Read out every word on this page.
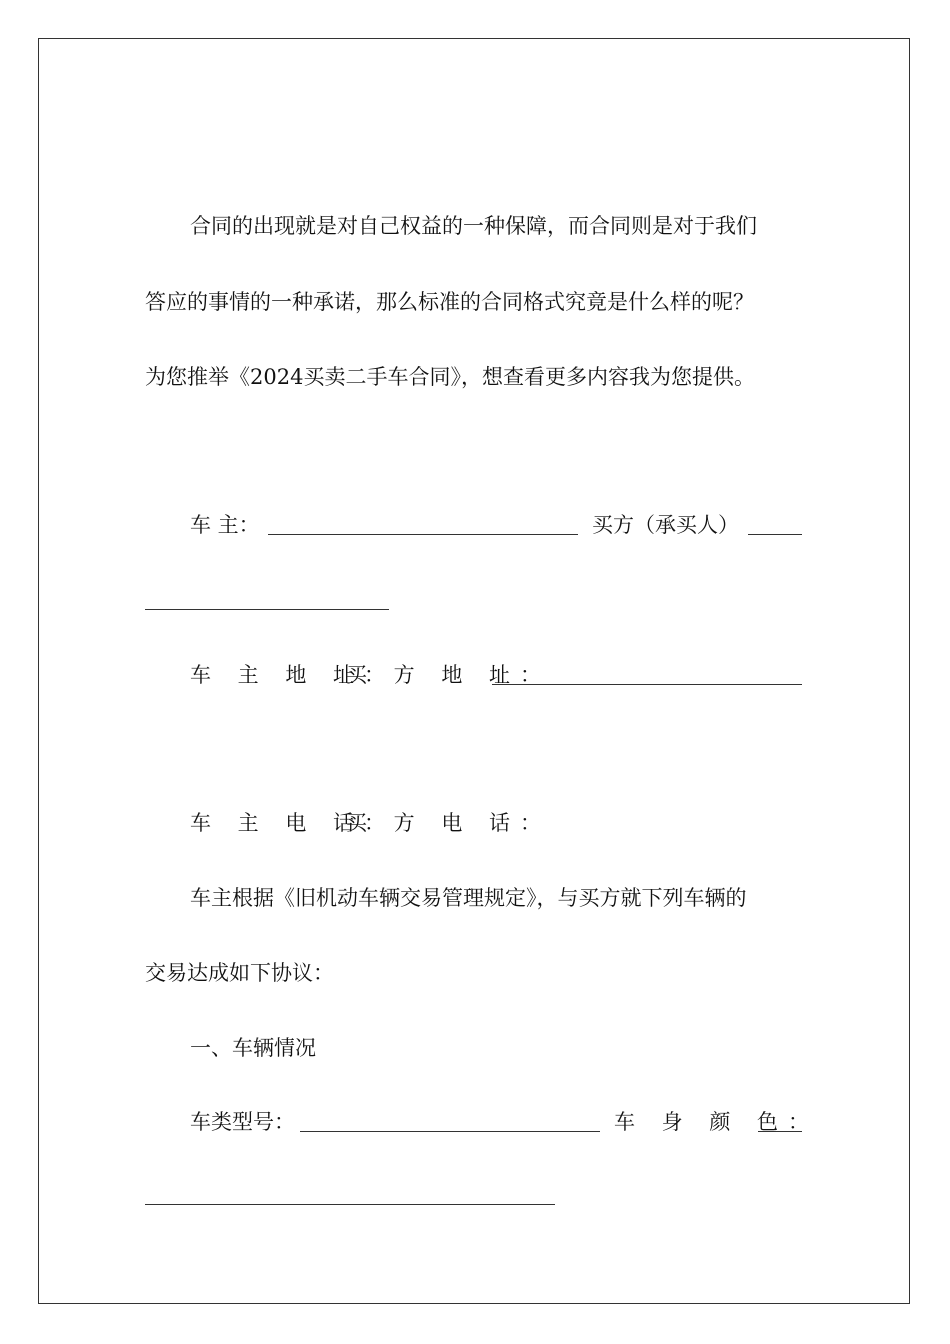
合同的出现就是对自己权益的一种保障，而合同则是对于我们
答应的事情的一种承诺，那么标准的合同格式究竟是什么样的呢？
为您推举《2024买卖二手车合同》，想查看更多内容我为您提供。
车 主：	买方（承买人）
车 主 地 址：
买 方 地 址：
车 主 电 话：
买 方 电 话：
车主根据《旧机动车辆交易管理规定》，与买方就下列车辆的
交易达成如下协议：
一、车辆情况
车类型号：	车 身 颜 色：
